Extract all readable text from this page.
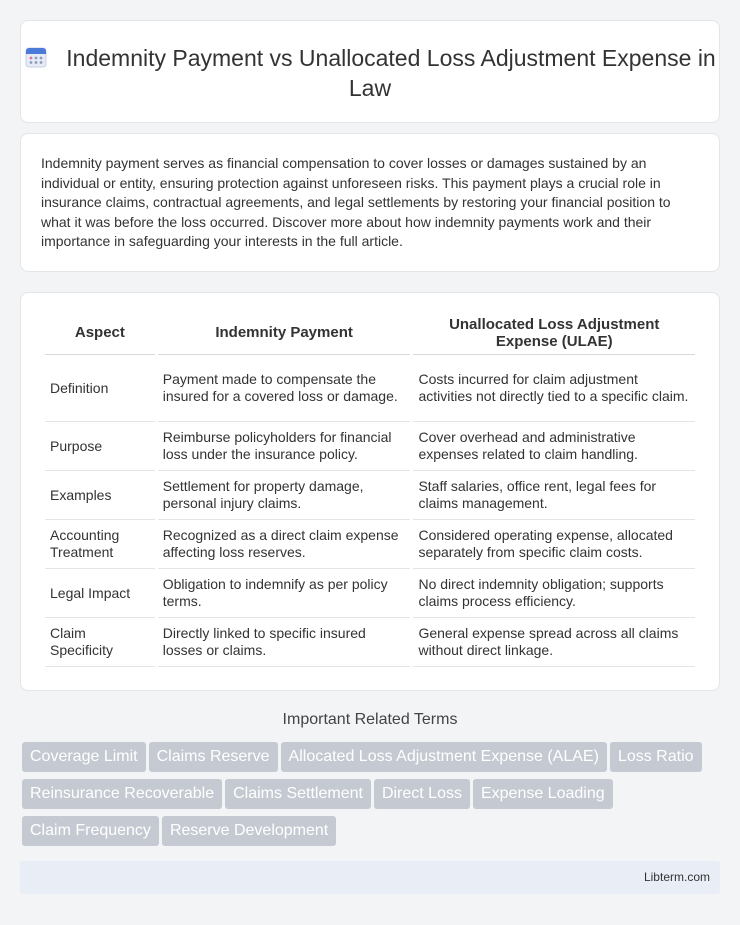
Indemnity Payment vs Unallocated Loss Adjustment Expense in Law

Indemnity payment serves as financial compensation to cover losses or damages sustained by an individual or entity, ensuring protection against unforeseen risks. This payment plays a crucial role in insurance claims, contractual agreements, and legal settlements by restoring your financial position to what it was before the loss occurred. Discover more about how indemnity payments work and their importance in safeguarding your interests in the full article.

Aspect	Indemnity Payment	Unallocated Loss Adjustment Expense (ULAE)
Definition	Payment made to compensate the insured for a covered loss or damage.	Costs incurred for claim adjustment activities not directly tied to a specific claim.
Purpose	Reimburse policyholders for financial loss under the insurance policy.	Cover overhead and administrative expenses related to claim handling.
Examples	Settlement for property damage, personal injury claims.	Staff salaries, office rent, legal fees for claims management.
Accounting Treatment	Recognized as a direct claim expense affecting loss reserves.	Considered operating expense, allocated separately from specific claim costs.
Legal Impact	Obligation to indemnify as per policy terms.	No direct indemnity obligation; supports claims process efficiency.
Claim Specificity	Directly linked to specific insured losses or claims.	General expense spread across all claims without direct linkage.
Important Related Terms
Coverage Limit Claims Reserve Allocated Loss Adjustment Expense (ALAE) Loss Ratio
Reinsurance Recoverable Claims Settlement Direct Loss Expense Loading
Claim Frequency Reserve Development
Libterm.com
